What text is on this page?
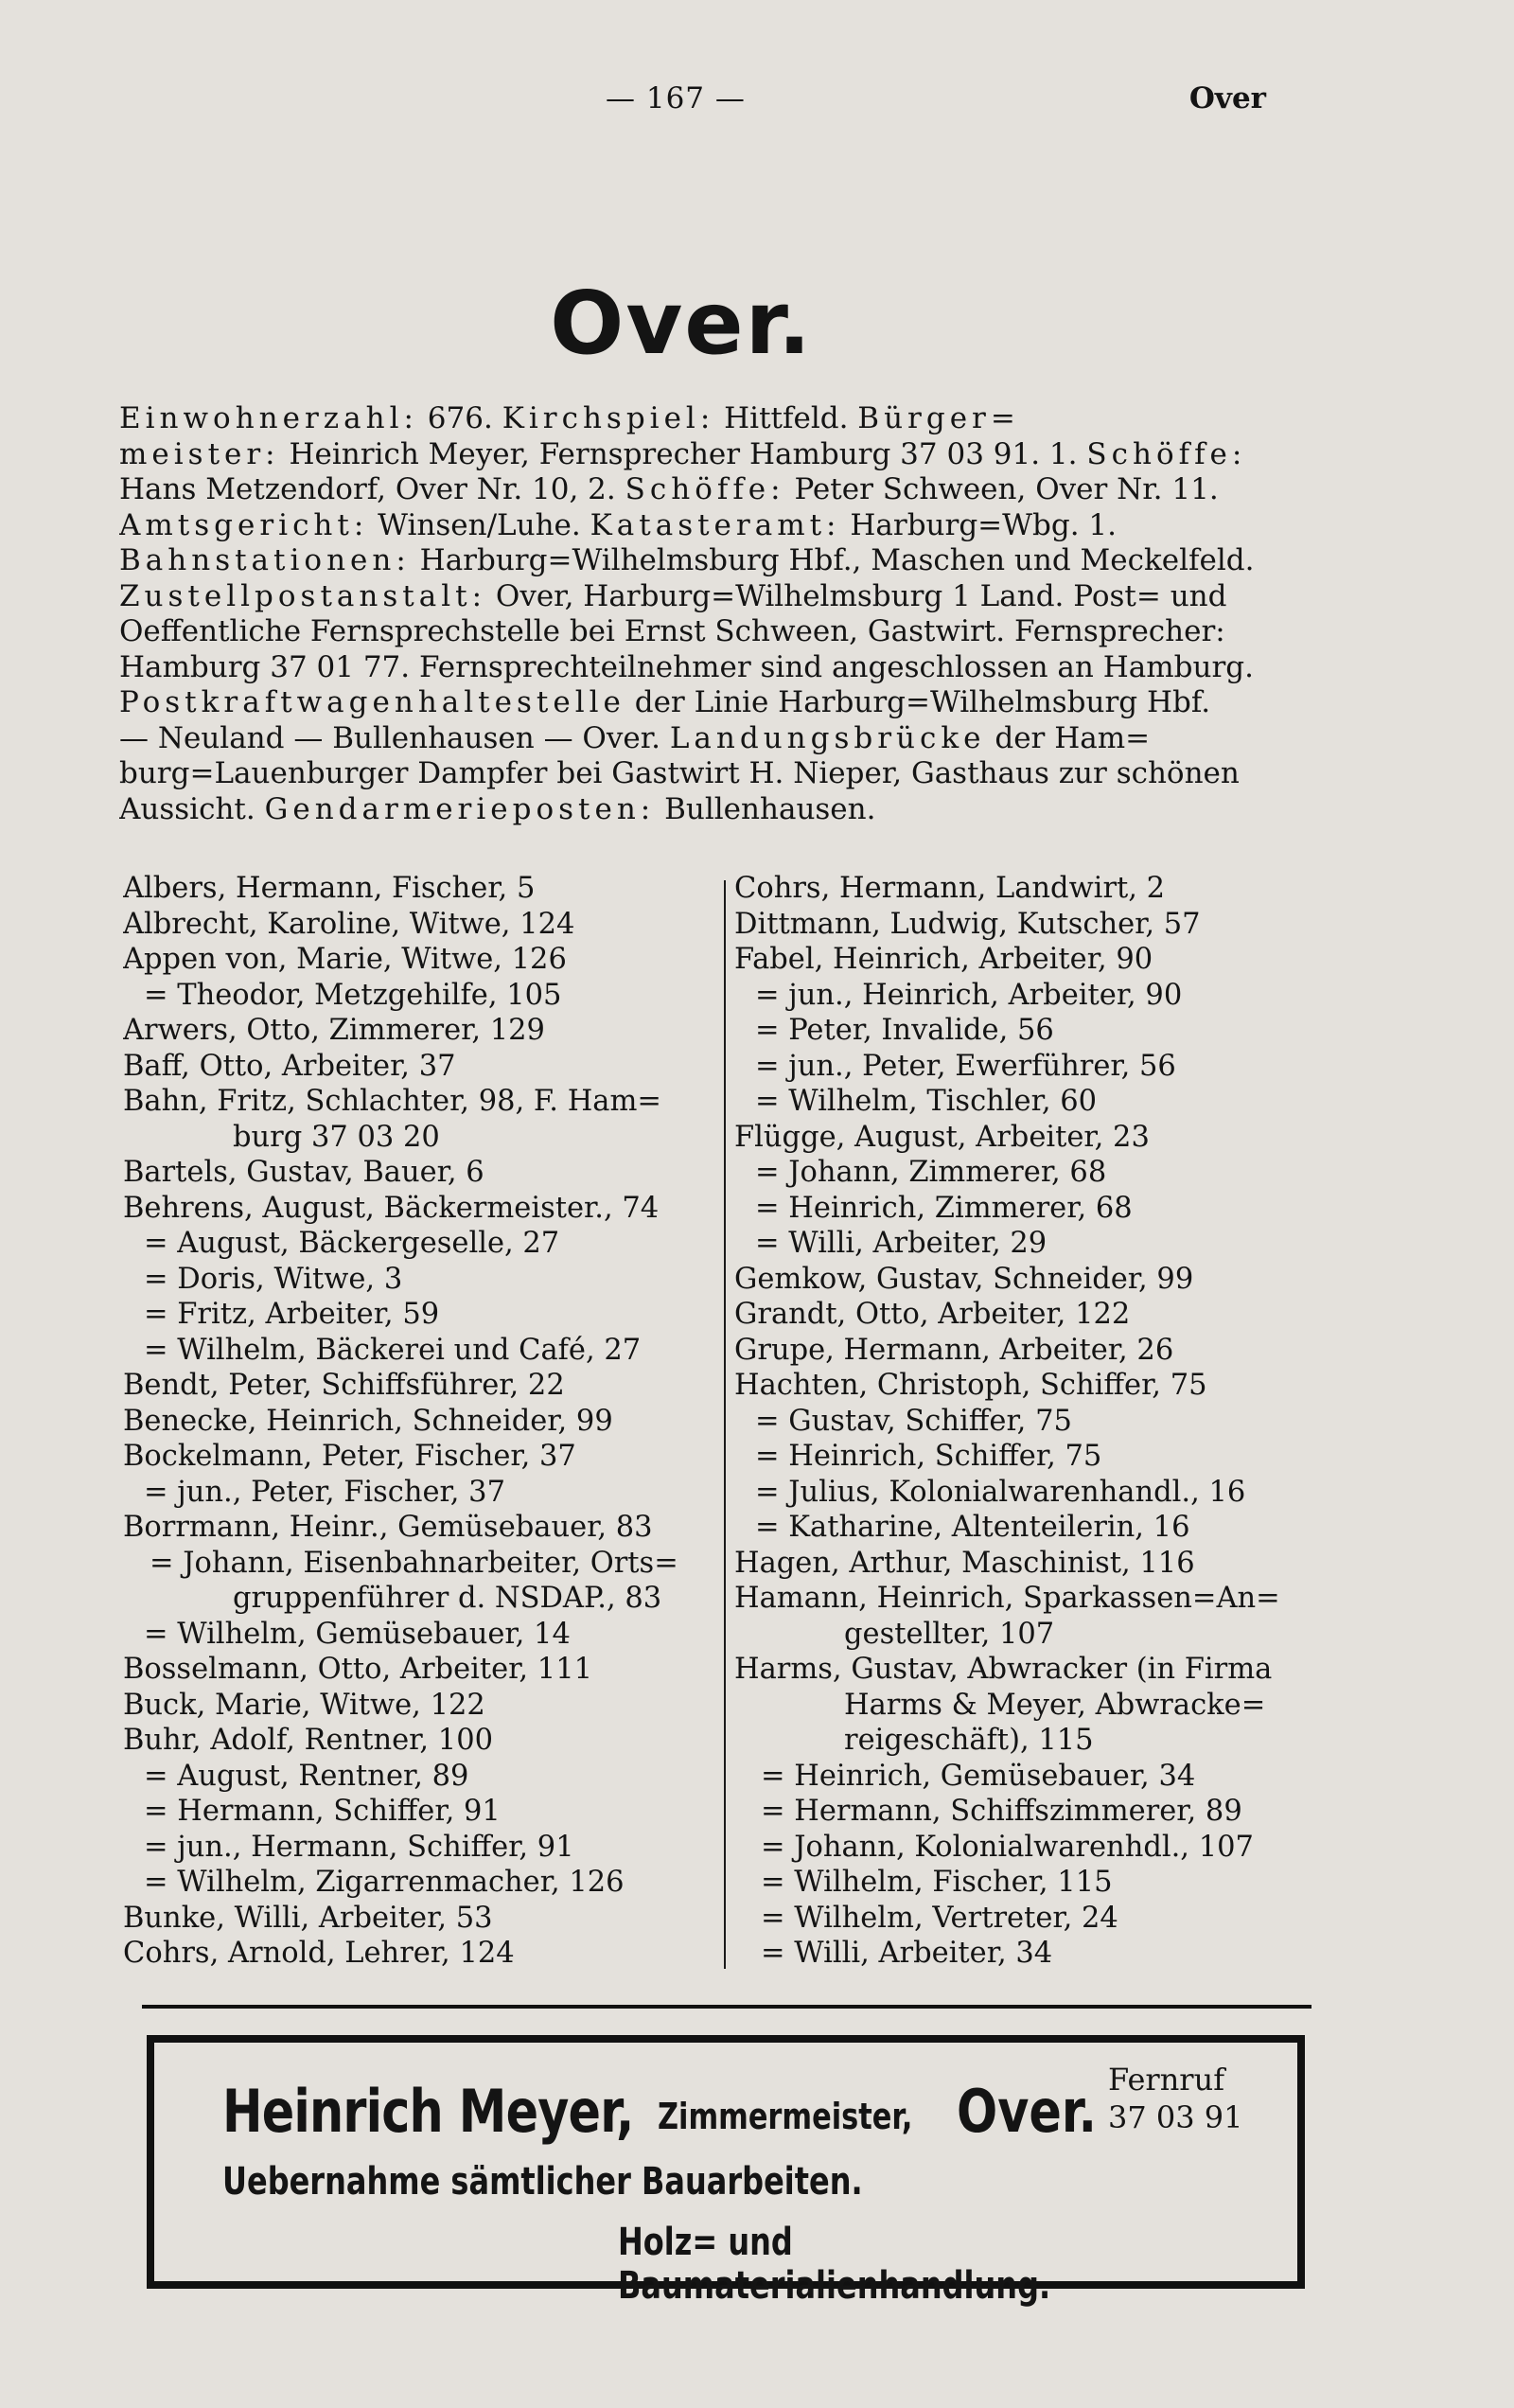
— 167 —	Over
Over.
Einwohnerzahl: 676. Kirchspiel: Hittfeld. Bürger=
meister: Heinrich Meyer, Fernsprecher Hamburg 37 03 91. 1. Schöffe:
Hans Metzendorf, Over Nr. 10, 2. Schöffe: Peter Schween, Over Nr. 11.
Amtsgericht: Winsen/Luhe. Katasteramt: Harburg=Wbg. 1.
Bahnstationen: Harburg=Wilhelmsburg Hbf., Maschen und Meckelfeld.
Zustellpostanstalt: Over, Harburg=Wilhelmsburg 1 Land. Post= und
Oeffentliche Fernsprechstelle bei Ernst Schween, Gastwirt. Fernsprecher:
Hamburg 37 01 77. Fernsprechteilnehmer sind angeschlossen an Hamburg.
Postkraftwagenhaltestelle der Linie Harburg=Wilhelmsburg Hbf.
— Neuland — Bullenhausen — Over. Landungsbrücke der Ham=
burg=Lauenburger Dampfer bei Gastwirt H. Nieper, Gasthaus zur schönen
Aussicht. Gendarmerieposten: Bullenhausen.
Albers, Hermann, Fischer, 5
Albrecht, Karoline, Witwe, 124
Appen von, Marie, Witwe, 126
= Theodor, Metzgehilfe, 105
Arwers, Otto, Zimmerer, 129
Baff, Otto, Arbeiter, 37
Bahn, Fritz, Schlachter, 98, F. Ham=
burg 37 03 20
Bartels, Gustav, Bauer, 6
Behrens, August, Bäckermeister., 74
= August, Bäckergeselle, 27
= Doris, Witwe, 3
= Fritz, Arbeiter, 59
= Wilhelm, Bäckerei und Café, 27
Bendt, Peter, Schiffsführer, 22
Benecke, Heinrich, Schneider, 99
Bockelmann, Peter, Fischer, 37
= jun., Peter, Fischer, 37
Borrmann, Heinr., Gemüsebauer, 83
= Johann, Eisenbahnarbeiter, Orts=
gruppenführer d. NSDAP., 83
= Wilhelm, Gemüsebauer, 14
Bosselmann, Otto, Arbeiter, 111
Buck, Marie, Witwe, 122
Buhr, Adolf, Rentner, 100
= August, Rentner, 89
= Hermann, Schiffer, 91
= jun., Hermann, Schiffer, 91
= Wilhelm, Zigarrenmacher, 126
Bunke, Willi, Arbeiter, 53
Cohrs, Arnold, Lehrer, 124
Cohrs, Hermann, Landwirt, 2
Dittmann, Ludwig, Kutscher, 57
Fabel, Heinrich, Arbeiter, 90
= jun., Heinrich, Arbeiter, 90
= Peter, Invalide, 56
= jun., Peter, Ewerführer, 56
= Wilhelm, Tischler, 60
Flügge, August, Arbeiter, 23
= Johann, Zimmerer, 68
= Heinrich, Zimmerer, 68
= Willi, Arbeiter, 29
Gemkow, Gustav, Schneider, 99
Grandt, Otto, Arbeiter, 122
Grupe, Hermann, Arbeiter, 26
Hachten, Christoph, Schiffer, 75
= Gustav, Schiffer, 75
= Heinrich, Schiffer, 75
= Julius, Kolonialwarenhandl., 16
= Katharine, Altenteilerin, 16
Hagen, Arthur, Maschinist, 116
Hamann, Heinrich, Sparkassen=An=
gestellter, 107
Harms, Gustav, Abwracker (in Firma
Harms & Meyer, Abwracke=
reigeschäft), 115
= Heinrich, Gemüsebauer, 34
= Hermann, Schiffszimmerer, 89
= Johann, Kolonialwarenhdl., 107
= Wilhelm, Fischer, 115
= Wilhelm, Vertreter, 24
= Willi, Arbeiter, 34
Heinrich Meyer, Zimmermeister, Over. Fernruf
37 03 91
Uebernahme sämtlicher Bauarbeiten.
Holz= und Baumaterialienhandlung.
